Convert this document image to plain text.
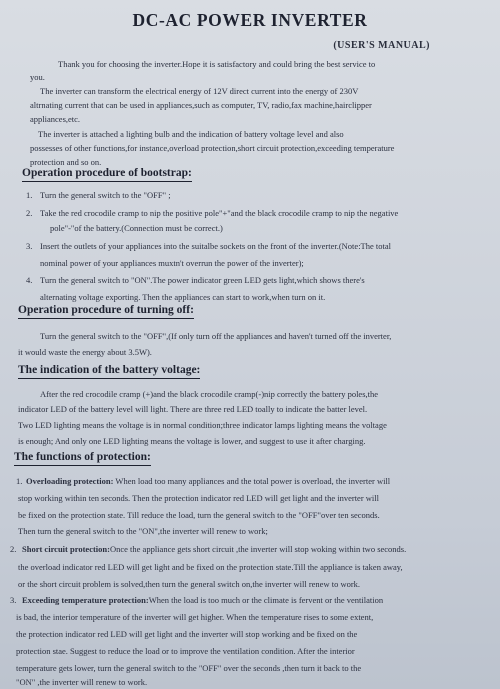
DC-AC POWER INVERTER
(USER'S MANUAL)
Thank you for choosing the inverter.Hope it is satisfactory and could bring the best service to
you.
The inverter can transform the electrical energy of 12V direct current into the energy of 230V
altrnating current that can be used in appliances,such as computer, TV, radio,fax machine,hairclipper
appliances,etc.
The inverter is attached a lighting bulb and the indication of battery voltage level and also
possesses of other functions,for instance,overload protection,short circuit protection,exceeding temperature
protection and so on.
Operation procedure of bootstrap:
1. Turn the general switch to the "OFF" ;
2. Take the red crocodile cramp to nip the positive pole"+"and the black crocodile cramp to nip the negative
pole"-"of the battery.(Connection must be correct.)
3. Insert the outlets of your appliances into the suitalbe sockets on the front of the inverter.(Note:The total
nominal power of your appliances muxtn't overrun the power of the inverter);
4. Turn the general switch to "ON".The power indicator green LED gets light,which shows there's
alternating voltage exporting. Then the appliances can start to work,when turn on it.
Operation procedure of turning off:
Turn the general switch to the "OFF",(If only turn off the appliances and haven't turned off the inverter,
it would waste the energy about 3.5W).
The indication of the battery voltage:
After the red crocodile cramp (+)and the black crocodile cramp(-)nip correctly the battery poles,the
indicator LED of the battery level will light. There are three red LED toally to indicate the batter level.
Two LED lighting means the voltage is in normal condition;three indicator lamps lighting means the voltage
is enough; And only one LED lighting means the voltage is lower, and suggest to use it after charging.
The functions of protection:
1. Overloading protection: When load too many appliances and the total power is overload, the inverter will
stop working within ten seconds. Then the protection indicator red LED will get light and the inverter will
be fixed on the protection state. Till reduce the load, turn the general switch to the "OFF"over ten seconds.
Then turn the general switch to the "ON",the inverter will renew to work;
2. Short circuit protection:Once the appliance gets short circuit ,the inverter will stop woking within two seconds.
the overload indicator red LED will get light and be fixed on the protection state.Till the appliance is taken away,
or the short circuit problem is solved,then turn the general switch on,the inverter will renew to work.
3. Exceeding temperature protection:When the load is too much or the climate is fervent or the ventilation
is bad, the interior temperature of the inverter will get higher. When the temperature rises to some extent,
the protection indicator red LED will get light and the inverter will stop working and be fixed on the
protection stae. Suggest to reduce the load or to improve the ventilation condition. After the interior
temperature gets lower, turn the general switch to the "OFF" over the seconds ,then turn it back to the
"ON" ,the inverter will renew to work.
